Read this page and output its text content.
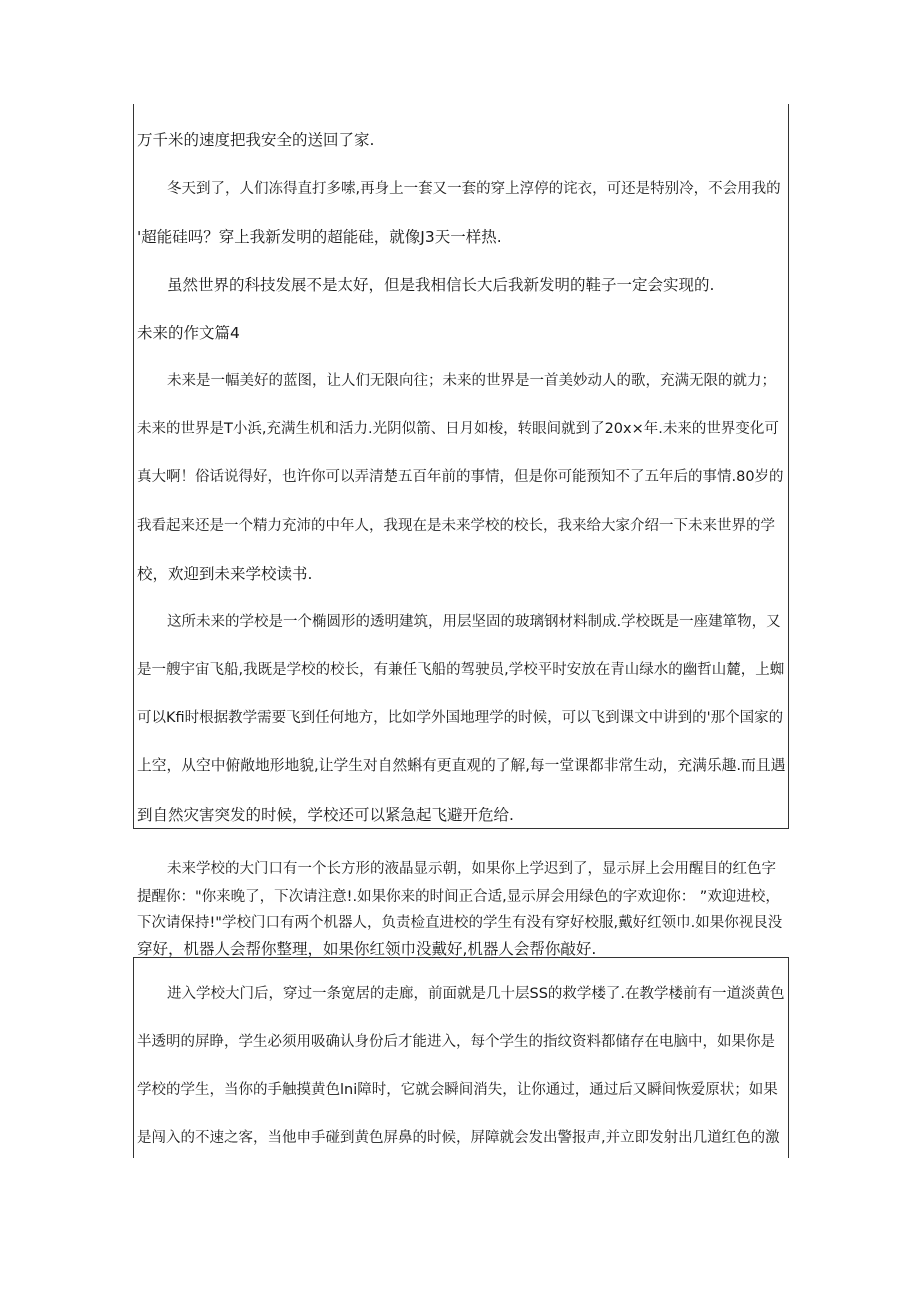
万千米的速度把我安全的送回了家.
冬天到了，人们冻得直打多嗦,再身上一套又一套的穿上淳停的诧衣，可还是特别冷，不会用我的
'超能硅吗？穿上我新发明的超能硅，就像J3天一样热.
虽然世界的科技发展不是太好，但是我相信长大后我新发明的鞋子一定会实现的.
未来的作文篇4
未来是一幅美好的蓝图，让人们无限向往；未来的世界是一首美妙动人的歌，充满无限的就力；
未来的世界是T小浜,充满生机和活力.光阴似箭、日月如梭，转眼间就到了20x×年.未来的世界变化可
真大啊！俗话说得好，也许你可以弄清楚五百年前的事情，但是你可能预知不了五年后的事情.80岁的
我看起来还是一个精力充沛的中年人，我现在是未来学校的校长，我来给大家介绍一下未来世界的学
校，欢迎到未来学校读书.
这所未来的学校是一个椭圆形的透明建筑，用层坚固的玻璃钢材料制成.学校既是一座建箪物，又
是一艘宇宙飞船,我既是学校的校长，有兼任飞船的驾驶员,学校平时安放在青山绿水的幽哲山麓，上蜘
可以Kfi时根据教学需要飞到任何地方，比如学外国地理学的时候，可以飞到课文中讲到的'那个国家的
上空，从空中俯敞地形地貌,让学生对自然蝌有更直观的了解,每一堂课都非常生动，充满乐趣.而且遇
到自然灾害突发的时候，学校还可以紧急起飞避开危给.
未来学校的大门口有一个长方形的液晶显示朝，如果你上学迟到了，显示屏上会用醒目的红色字
提醒你："你来晚了，下次请注意!.如果你来的时间正合适,显示屏会用绿色的字欢迎你： ”欢迎进校，
下次请保持!"学校门口有两个机器人，负责检直进校的学生有没有穿好校服,戴好红领巾.如果你视艮没
穿好，机器人会帮你整理，如果你红领巾没戴好,机器人会帮你敲好.
进入学校大门后，穿过一条宽居的走廊，前面就是几十层SS的救学楼了.在教学楼前有一道淡黄色
半透明的屏睁，学生必须用吸确认身份后才能进入，每个学生的指纹资料都储存在电脑中，如果你是
学校的学生，当你的手触摸黄色lni障时，它就会瞬间消失，让你通过，通过后又瞬间恢爱原状；如果
是闯入的不速之客，当他申手碰到黄色屏鼻的时候，屏障就会发出警报声,并立即发射出几道红色的激
